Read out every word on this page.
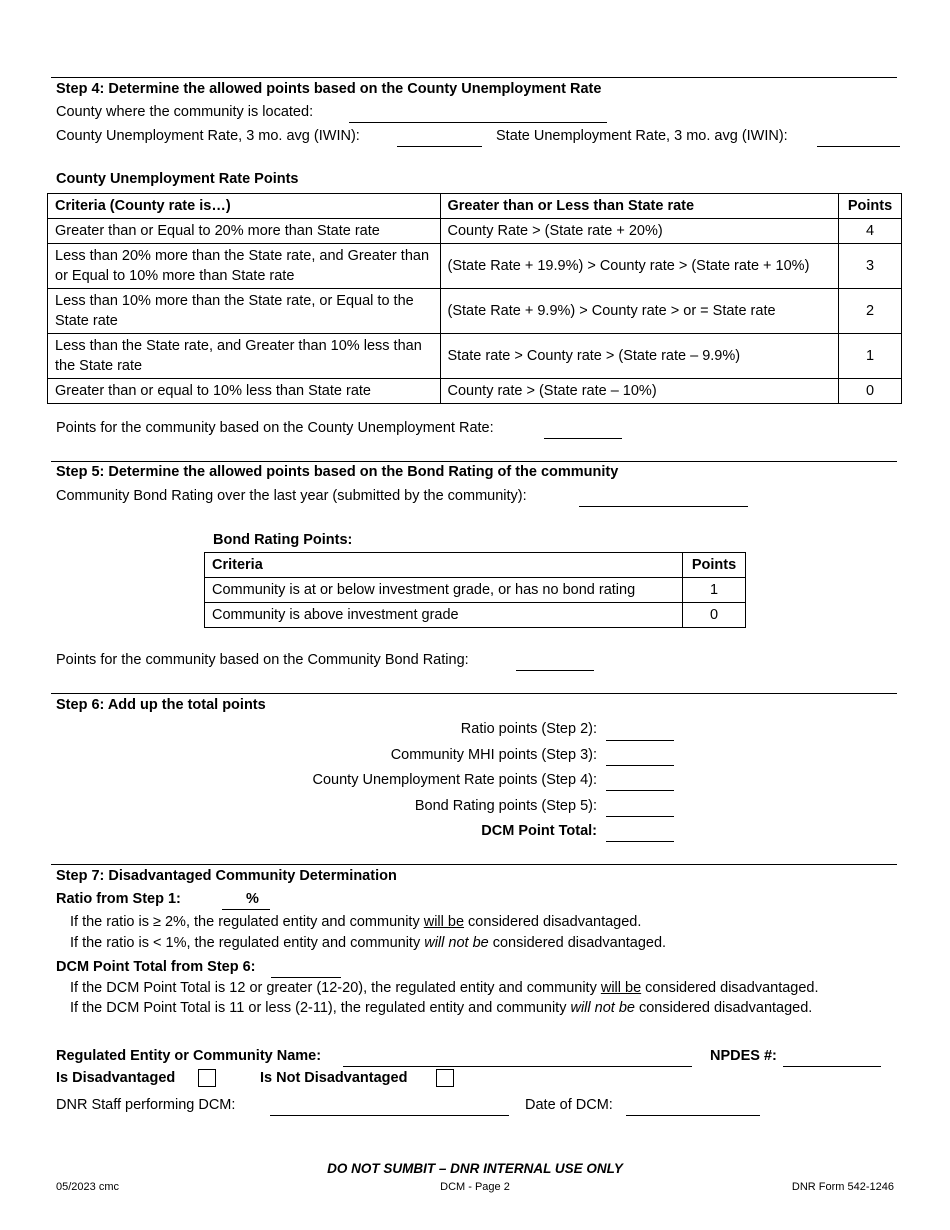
Step 4: Determine the allowed points based on the County Unemployment Rate
County where the community is located:
County Unemployment Rate, 3 mo. avg (IWIN):	State Unemployment Rate, 3 mo. avg (IWIN):
County Unemployment Rate Points
Criteria (County rate is…)	Greater than or Less than State rate	Points
Greater than or Equal to 20% more than State rate	County Rate > (State rate + 20%)	4
Less than 20% more than the State rate, and Greater than or Equal to 10% more than State rate	(State Rate + 19.9%) > County rate > (State rate + 10%)	3
Less than 10% more than the State rate, or Equal to the State rate	(State Rate + 9.9%) > County rate > or = State rate	2
Less than the State rate, and Greater than 10% less than the State rate	State rate > County rate > (State rate – 9.9%)	1
Greater than or equal to 10% less than State rate	County rate > (State rate – 10%)	0
Points for the community based on the County Unemployment Rate:
Step 5: Determine the allowed points based on the Bond Rating of the community
Community Bond Rating over the last year (submitted by the community):
Bond Rating Points:
Criteria	Points
Community is at or below investment grade, or has no bond rating	1
Community is above investment grade	0
Points for the community based on the Community Bond Rating:
Step 6: Add up the total points
Ratio points (Step 2):
Community MHI points (Step 3):
County Unemployment Rate points (Step 4):
Bond Rating points (Step 5):
DCM Point Total:
Step 7: Disadvantaged Community Determination
Ratio from Step 1:	%
If the ratio is ≥ 2%, the regulated entity and community will be considered disadvantaged.
If the ratio is < 1%, the regulated entity and community will not be considered disadvantaged.
DCM Point Total from Step 6:
If the DCM Point Total is 12 or greater (12-20), the regulated entity and community will be considered disadvantaged.
If the DCM Point Total is 11 or less (2-11), the regulated entity and community will not be considered disadvantaged.
Regulated Entity or Community Name:	NPDES #:
Is Disadvantaged	Is Not Disadvantaged
DNR Staff performing DCM:	Date of DCM:
DO NOT SUMBIT – DNR INTERNAL USE ONLY
05/2023 cmc	DCM - Page 2	DNR Form 542-1246
